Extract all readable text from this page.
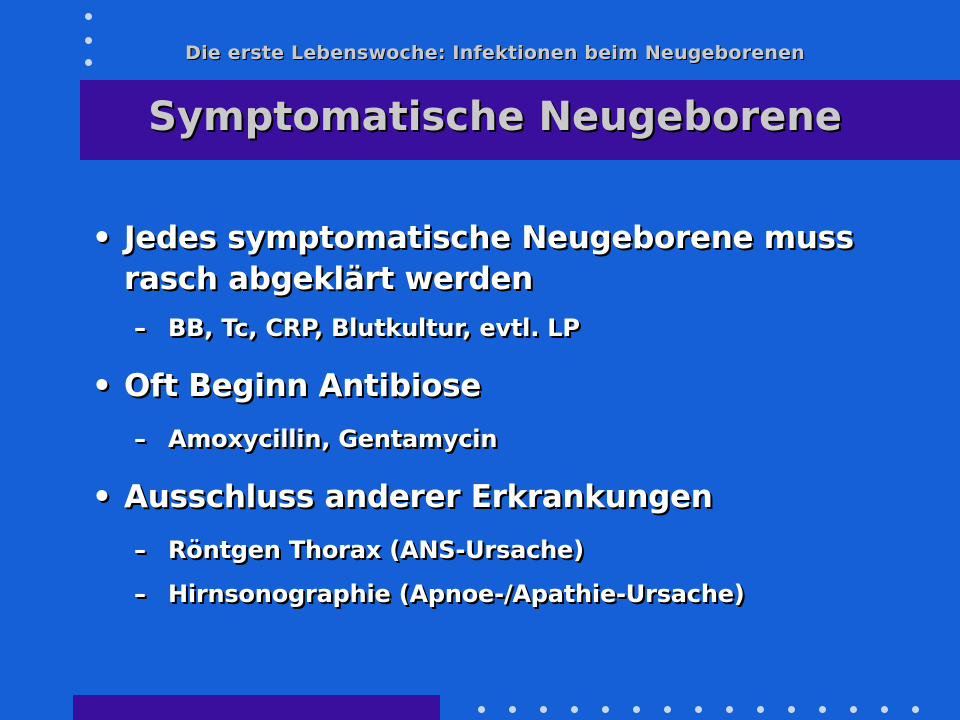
Die erste Lebenswoche: Infektionen beim Neugeborenen
Symptomatische Neugeborene
• Jedes symptomatische Neugeborene muss
rasch abgeklärt werden
– BB, Tc, CRP, Blutkultur, evtl. LP
• Oft Beginn Antibiose
– Amoxycillin, Gentamycin
• Ausschluss anderer Erkrankungen
– Röntgen Thorax (ANS-Ursache)
– Hirnsonographie (Apnoe-/Apathie-Ursache)
